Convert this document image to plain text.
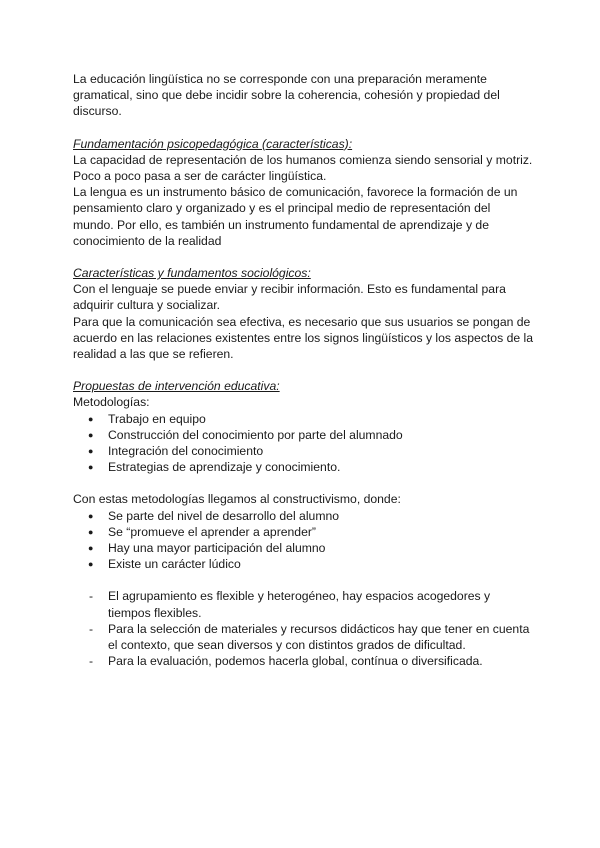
La educación lingüística no se corresponde con una preparación meramente gramatical, sino que debe incidir sobre la coherencia, cohesión y propiedad del discurso.

Fundamentación psicopedagógica (características):

La capacidad de representación de los humanos comienza siendo sensorial y motriz. Poco a poco pasa a ser de carácter lingüística.

La lengua es un instrumento básico de comunicación, favorece la formación de un pensamiento claro y organizado y es el principal medio de representación del mundo. Por ello, es también un instrumento fundamental de aprendizaje y de conocimiento de la realidad

Características y fundamentos sociológicos:

Con el lenguaje se puede enviar y recibir información. Esto es fundamental para adquirir cultura y socializar.

Para que la comunicación sea efectiva, es necesario que sus usuarios se pongan de acuerdo en las relaciones existentes entre los signos lingüísticos y los aspectos de la realidad a las que se refieren.

Propuestas de intervención educativa:

Metodologías:

● Trabajo en equipo
● Construcción del conocimiento por parte del alumnado
● Integración del conocimiento
● Estrategias de aprendizaje y conocimiento.

Con estas metodologías llegamos al constructivismo, donde:

● Se parte del nivel de desarrollo del alumno
● Se “promueve el aprender a aprender”
● Hay una mayor participación del alumno
● Existe un carácter lúdico
- El agrupamiento es flexible y heterogéneo, hay espacios acogedores y tiempos flexibles.
- Para la selección de materiales y recursos didácticos hay que tener en cuenta el contexto, que sean diversos y con distintos grados de dificultad.
- Para la evaluación, podemos hacerla global, contínua o diversificada.
